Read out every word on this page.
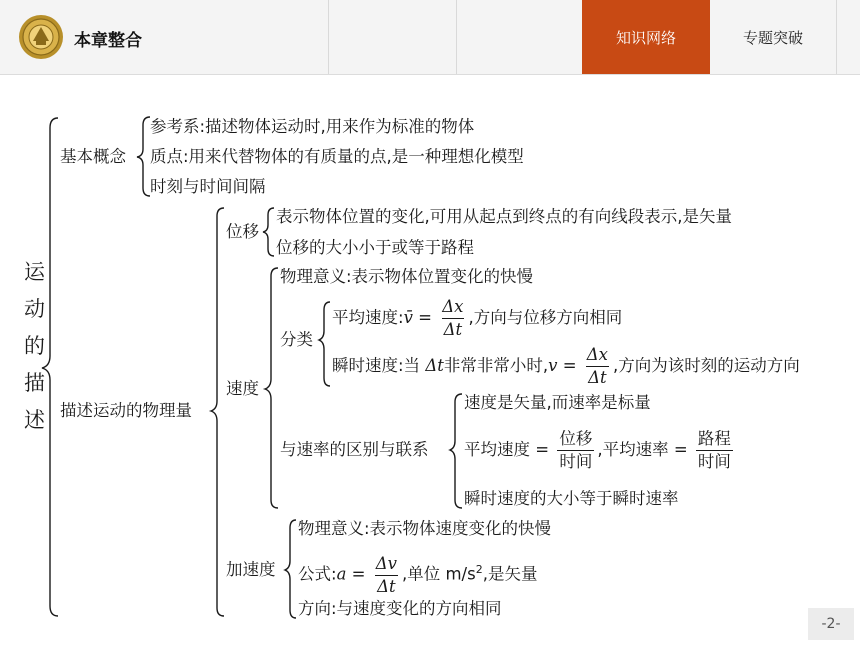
本章整合	知识网络	专题突破
运
动
的
描
述
基本概念
参考系:描述物体运动时,用来作为标准的物体
质点:用来代替物体的有质量的点,是一种理想化模型
时刻与时间间隔
描述运动的物理量
位移
表示物体位置的变化,可用从起点到终点的有向线段表示,是矢量
位移的大小小于或等于路程
速度
物理意义:表示物体位置变化的快慢
分类
平均速度:v̄ = $\frac{\Delta x}{\Delta t}$ ,方向与位移方向相同
瞬时速度:当 Δt非常非常小时$,v = \frac{\Delta x}{\Delta t}$ ,方向为该时刻的运动方向
与速率的区别与联系
速度是矢量,而速率是标量
平均速度 = $\frac{\text{位移}}{\text{时间}}$ ,平均速率 = $\frac{\text{路程}}{\text{时间}}$
瞬时速度的大小等于瞬时速率
加速度
物理意义:表示物体速度变化的快慢
公式:a = $\frac{\Delta v}{\Delta t}$ ,单位 $m/s^2$,是矢量
方向:与速度变化的方向相同
-2-
